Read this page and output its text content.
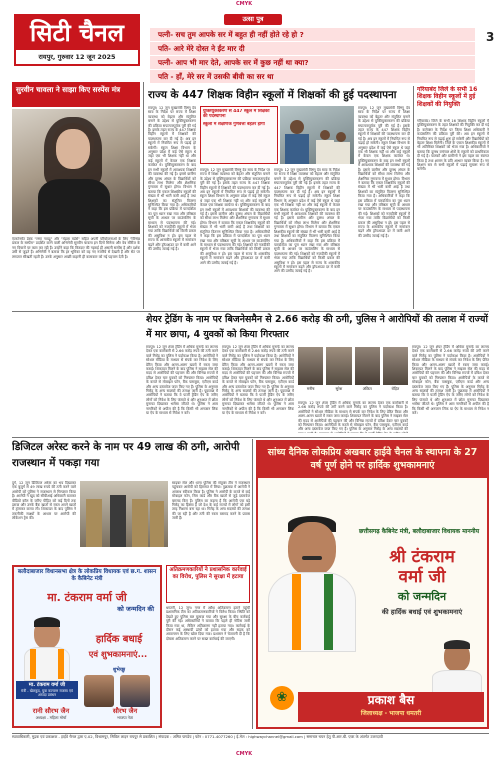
CMYK
उत्सा पुत्र
3
सिटी चैनल
रायपुर, गुरुवार 12 जून 2025
पत्नी- सच तुम आपके सर में बहुत ही नहीं होते रहे हो ?
पति- आरे मेरे दोस्त ने ईंट मार दी
पत्नी- आप भी मार देते, आपके सर में कुछ नहीं था क्या?
पति - हाँ, मेरे सर में उसकी बीवी का सर था
सुरवीन चावला ने साझा किए सस्पेंस मंत्र
एंटरटेनमेंट डेस्क "राणा नायडू" और "मंडला मर्डर्स" सहित अपनी परियोजनाओं के लिए "विभिन्न प्रकार के सस्पेंस" प्रदर्शित करने वाली अभिनेत्री सुरवीन चावला इन दिनों सिनेमा और वेब सीरीज के नए विचारों पर काम कर रही हैं। उन्होंने कहा कि किरदार की गहराई ही असली सस्पेंस है और दर्शक उसी से जुड़ते हैं। अभिनेत्री ने बताया कि हर भूमिका को वह नए नजरिये से देखती हैं और सेट पर लगातार सीखती रहती हैं। उनके अनुसार अच्छी कहानी ही कलाकार को नई पहचान देती है।
राज्य के 447 शिक्षक विहीन स्कूलों में शिक्षकों की हुई पदस्थापना
रायपुर। 12 जून मुख्यमंत्री विष्णु देव साय के निर्देश पर राज्य में शिक्षा व्यवस्था को बेहतर और संतुलित बनाने के उद्देश्य से युक्तियुक्तकरण की प्रक्रिया सफलतापूर्वक पूरी की गई है। इसके तहत राज्य के 447 शिक्षक विहीन स्कूलों में शिक्षकों की पदस्थापना कर दी गई है। अब इन स्कूलों में नियमित रूप से पढ़ाई हो सकेगी। स्कूल शिक्षा विभाग के अनुसार प्रदेश में कई ऐसे स्कूल थे जहां एक भी शिक्षक नहीं था और कई स्कूलों में केवल एक शिक्षक कार्यरत थे। युक्तियुक्तकरण के बाद इन सभी स्कूलों में आवश्यक शिक्षकों की व्यवस्था की गई है। इससे ग्रामीण और दूरस्थ अंचल के विद्यार्थियों को सीधा लाभ मिलेगा और शैक्षणिक गुणवत्ता में सुधार होगा। विभाग ने बताया कि एकल शिक्षकीय स्कूलों की संख्या में भी भारी कमी आई है तथा शिक्षकों का संतुलित वितरण सुनिश्चित किया गया है। अधिकारियों ने कहा कि इस प्रक्रिया में पारदर्शिता का पूरा ध्यान रखा गया और वरिष्ठता सूची के आधार पर काउंसलिंग के माध्यम से पदस्थापना की गई। शिक्षकों को नजदीकी स्कूलों में भेजा गया ताकि विद्यार्थियों को किसी प्रकार की असुविधा न हो। इस पहल से राज्य के शासकीय स्कूलों में नामांकन बढ़ने और ड्रॉपआउट दर में कमी आने की उम्मीद जताई गई है।
युक्तियुक्तकरण से 447 स्कूल में शिक्षकों की पदस्थापना
स्कूलों में शैक्षणिक गुणवत्ता बेहतर होगी
रायपुर। 12 जून मुख्यमंत्री विष्णु देव साय के निर्देश पर राज्य में शिक्षा व्यवस्था को बेहतर और संतुलित बनाने के उद्देश्य से युक्तियुक्तकरण की प्रक्रिया सफलतापूर्वक पूरी की गई है। इसके तहत राज्य के 447 शिक्षक विहीन स्कूलों में शिक्षकों की पदस्थापना कर दी गई है। अब इन स्कूलों में नियमित रूप से पढ़ाई हो सकेगी। स्कूल शिक्षा विभाग के अनुसार प्रदेश में कई ऐसे स्कूल थे जहां एक भी शिक्षक नहीं था और कई स्कूलों में केवल एक शिक्षक कार्यरत थे। युक्तियुक्तकरण के बाद इन सभी स्कूलों में आवश्यक शिक्षकों की व्यवस्था की गई है। इससे ग्रामीण और दूरस्थ अंचल के विद्यार्थियों को सीधा लाभ मिलेगा और शैक्षणिक गुणवत्ता में सुधार होगा। विभाग ने बताया कि एकल शिक्षकीय स्कूलों की संख्या में भी भारी कमी आई है तथा शिक्षकों का संतुलित वितरण सुनिश्चित किया गया है। अधिकारियों ने कहा कि इस प्रक्रिया में पारदर्शिता का पूरा ध्यान रखा गया और वरिष्ठता सूची के आधार पर काउंसलिंग के माध्यम से पदस्थापना की गई। शिक्षकों को नजदीकी स्कूलों में भेजा गया ताकि विद्यार्थियों को किसी प्रकार की असुविधा न हो। इस पहल से राज्य के शासकीय स्कूलों में नामांकन बढ़ने और ड्रॉपआउट दर में कमी आने की उम्मीद जताई गई है।
रायपुर। 12 जून मुख्यमंत्री विष्णु देव साय के निर्देश पर राज्य में शिक्षा व्यवस्था को बेहतर और संतुलित बनाने के उद्देश्य से युक्तियुक्तकरण की प्रक्रिया सफलतापूर्वक पूरी की गई है। इसके तहत राज्य के 447 शिक्षक विहीन स्कूलों में शिक्षकों की पदस्थापना कर दी गई है। अब इन स्कूलों में नियमित रूप से पढ़ाई हो सकेगी। स्कूल शिक्षा विभाग के अनुसार प्रदेश में कई ऐसे स्कूल थे जहां एक भी शिक्षक नहीं था और कई स्कूलों में केवल एक शिक्षक कार्यरत थे। युक्तियुक्तकरण के बाद इन सभी स्कूलों में आवश्यक शिक्षकों की व्यवस्था की गई है। इससे ग्रामीण और दूरस्थ अंचल के विद्यार्थियों को सीधा लाभ मिलेगा और शैक्षणिक गुणवत्ता में सुधार होगा। विभाग ने बताया कि एकल शिक्षकीय स्कूलों की संख्या में भी भारी कमी आई है तथा शिक्षकों का संतुलित वितरण सुनिश्चित किया गया है। अधिकारियों ने कहा कि इस प्रक्रिया में पारदर्शिता का पूरा ध्यान रखा गया और वरिष्ठता सूची के आधार पर काउंसलिंग के माध्यम से पदस्थापना की गई। शिक्षकों को नजदीकी स्कूलों में भेजा गया ताकि विद्यार्थियों को किसी प्रकार की असुविधा न हो। इस पहल से राज्य के शासकीय स्कूलों में नामांकन बढ़ने और ड्रॉपआउट दर में कमी आने की उम्मीद जताई गई है।
रायपुर। 12 जून मुख्यमंत्री विष्णु देव साय के निर्देश पर राज्य में शिक्षा व्यवस्था को बेहतर और संतुलित बनाने के उद्देश्य से युक्तियुक्तकरण की प्रक्रिया सफलतापूर्वक पूरी की गई है। इसके तहत राज्य के 447 शिक्षक विहीन स्कूलों में शिक्षकों की पदस्थापना कर दी गई है। अब इन स्कूलों में नियमित रूप से पढ़ाई हो सकेगी। स्कूल शिक्षा विभाग के अनुसार प्रदेश में कई ऐसे स्कूल थे जहां एक भी शिक्षक नहीं था और कई स्कूलों में केवल एक शिक्षक कार्यरत थे। युक्तियुक्तकरण के बाद इन सभी स्कूलों में आवश्यक शिक्षकों की व्यवस्था की गई है। इससे ग्रामीण और दूरस्थ अंचल के विद्यार्थियों को सीधा लाभ मिलेगा और शैक्षणिक गुणवत्ता में सुधार होगा। विभाग ने बताया कि एकल शिक्षकीय स्कूलों की संख्या में भी भारी कमी आई है तथा शिक्षकों का संतुलित वितरण सुनिश्चित किया गया है। अधिकारियों ने कहा कि इस प्रक्रिया में पारदर्शिता का पूरा ध्यान रखा गया और वरिष्ठता सूची के आधार पर काउंसलिंग के माध्यम से पदस्थापना की गई। शिक्षकों को नजदीकी स्कूलों में भेजा गया ताकि विद्यार्थियों को किसी प्रकार की असुविधा न हो। इस पहल से राज्य के शासकीय स्कूलों में नामांकन बढ़ने और ड्रॉपआउट दर में कमी आने की उम्मीद जताई गई है।
गरियाबंद जिले के सभी 16 शिक्षक विहीन स्कूलों में हुई शिक्षकों की नियुक्ति
गरियाबंद। जिले के सभी 16 शिक्षक विहीन स्कूलों में युक्तियुक्तकरण के तहत शिक्षकों की नियुक्ति कर दी गई है। कलेक्टर के निर्देश पर जिला शिक्षा अधिकारी ने काउंसलिंग की प्रक्रिया पूरी की। अब इन स्कूलों में नियमित रूप से पढ़ाई शुरू हो सकेगी और विद्यार्थियों को बेहतर शिक्षा मिलेगी। जिले के एकल शिक्षकीय स्कूलों में भी अतिरिक्त शिक्षकों को भेजा गया है। अधिकारियों ने बताया कि दूरस्थ वनांचल क्षेत्रों के स्कूलों को प्राथमिकता दी गई है। पालकों और ग्रामीणों ने इस पहल का स्वागत किया है तथा शासन के प्रति आभार व्यक्त किया है। नए शिक्षण सत्र से सभी स्कूलों में पढ़ाई सुचारू रूप से चलेगी।
शेयर ट्रेडिंग के नाम पर बिजनेसमैन से 2.66 करोड़ की ठगी, पुलिस ने आरोपियों की तलाश में राज्यों में मार छापा, 4 युवकों को किया गिरफ्तार
रायपुर। 12 जून शेयर ट्रेडिंग में अधिक मुनाफे का लालच देकर एक कारोबारी से 2.66 करोड़ रुपये की ठगी करने वाले गिरोह का पुलिस ने पर्दाफाश किया है। आरोपियों ने सोशल मीडिया के माध्यम से संपर्क कर निवेश के लिए प्रेरित किया और अलग-अलग खातों में रकम जमा कराई। शिकायत मिलने के बाद पुलिस ने साइबर सेल की मदद से आरोपियों की पहचान की और विभिन्न राज्यों में दबिश देकर चार युवकों को गिरफ्तार किया। आरोपियों के कब्जे से मोबाइल फोन, बैंक पासबुक, एटीएम कार्ड और अन्य दस्तावेज जब्त किए गए हैं। पुलिस के अनुसार गिरोह के अन्य सदस्यों की तलाश जारी है। पूछताछ में आरोपियों ने बताया कि वे फर्जी ट्रेडिंग ऐप के जरिए लोगों को निवेश के लिए फंसाते थे और शुरुआत में छोटा मुनाफा दिखाकर भरोसा जीतते थे। पुलिस ने आम नागरिकों से अपील की है कि किसी भी अनजान लिंक या ऐप के माध्यम से निवेश न करें।
रायपुर। 12 जून शेयर ट्रेडिंग में अधिक मुनाफे का लालच देकर एक कारोबारी से 2.66 करोड़ रुपये की ठगी करने वाले गिरोह का पुलिस ने पर्दाफाश किया है। आरोपियों ने सोशल मीडिया के माध्यम से संपर्क कर निवेश के लिए प्रेरित किया और अलग-अलग खातों में रकम जमा कराई। शिकायत मिलने के बाद पुलिस ने साइबर सेल की मदद से आरोपियों की पहचान की और विभिन्न राज्यों में दबिश देकर चार युवकों को गिरफ्तार किया। आरोपियों के कब्जे से मोबाइल फोन, बैंक पासबुक, एटीएम कार्ड और अन्य दस्तावेज जब्त किए गए हैं। पुलिस के अनुसार गिरोह के अन्य सदस्यों की तलाश जारी है। पूछताछ में आरोपियों ने बताया कि वे फर्जी ट्रेडिंग ऐप के जरिए लोगों को निवेश के लिए फंसाते थे और शुरुआत में छोटा मुनाफा दिखाकर भरोसा जीतते थे। पुलिस ने आम नागरिकों से अपील की है कि किसी भी अनजान लिंक या ऐप के माध्यम से निवेश न करें।
मनीष	सुरेश	अंकित	रोहित
रायपुर। 12 जून शेयर ट्रेडिंग में अधिक मुनाफे का लालच देकर एक कारोबारी से 2.66 करोड़ रुपये की ठगी करने वाले गिरोह का पुलिस ने पर्दाफाश किया है। आरोपियों ने सोशल मीडिया के माध्यम से संपर्क कर निवेश के लिए प्रेरित किया और अलग-अलग खातों में रकम जमा कराई। शिकायत मिलने के बाद पुलिस ने साइबर सेल की मदद से आरोपियों की पहचान की और विभिन्न राज्यों में दबिश देकर चार युवकों को गिरफ्तार किया। आरोपियों के कब्जे से मोबाइल फोन, बैंक पासबुक, एटीएम कार्ड और अन्य दस्तावेज जब्त किए गए हैं। पुलिस के अनुसार गिरोह के अन्य सदस्यों की
रायपुर। 12 जून शेयर ट्रेडिंग में अधिक मुनाफे का लालच देकर एक कारोबारी से 2.66 करोड़ रुपये की ठगी करने वाले गिरोह का पुलिस ने पर्दाफाश किया है। आरोपियों ने सोशल मीडिया के माध्यम से संपर्क कर निवेश के लिए प्रेरित किया और अलग-अलग खातों में रकम जमा कराई। शिकायत मिलने के बाद पुलिस ने साइबर सेल की मदद से आरोपियों की पहचान की और विभिन्न राज्यों में दबिश देकर चार युवकों को गिरफ्तार किया। आरोपियों के कब्जे से मोबाइल फोन, बैंक पासबुक, एटीएम कार्ड और अन्य दस्तावेज जब्त किए गए हैं। पुलिस के अनुसार गिरोह के अन्य सदस्यों की तलाश जारी है। पूछताछ में आरोपियों ने बताया कि वे फर्जी ट्रेडिंग ऐप के जरिए लोगों को निवेश के लिए फंसाते थे और शुरुआत में छोटा मुनाफा दिखाकर भरोसा जीतते थे। पुलिस ने आम नागरिकों से अपील की है कि किसी भी अनजान लिंक या ऐप के माध्यम से निवेश न करें।
डिजिटल अरेस्ट करने के नाम पर 49 लाख की ठगी, आरोपी राजस्थान में पकड़ा गया
दुर्ग, 12 जून डिजिटल अरेस्ट का भय दिखाकर एक बुजुर्ग से 49 लाख रुपये की ठगी करने वाले आरोपी को पुलिस ने राजस्थान से गिरफ्तार किया है। आरोपी ने खुद को सीबीआई अधिकारी बताकर वीडियो कॉल के जरिए पीड़ित को कई दिनों तक डराया और उनके बैंक खातों से रकम अपने खातों में ट्रांसफर करवा ली। शिकायत के बाद पुलिस ने तकनीकी साक्ष्यों के आधार पर आरोपी की लोकेशन ट्रेस की।
साइबर सेल और थाना पुलिस की संयुक्त टीम ने राजस्थान पहुंचकर आरोपी को हिरासत में लिया। पूछताछ में आरोपी ने अपराध स्वीकार किया है। पुलिस ने आरोपी के कब्जे से कई मोबाइल फोन, सिम कार्ड और बैंक खातों से जुड़े दस्तावेज बरामद किए हैं। पुलिस का कहना है कि आरोपी एक बड़े गिरोह का हिस्सा है जो देश के कई राज्यों में लोगों को इसी तरह निशाना बना रहा था। गिरोह के अन्य सदस्यों की तलाश की जा रही है और ठगी की रकम बरामद करने के प्रयास जारी हैं।
बलौदाबाजार विधानसभा क्षेत्र के लोकप्रिय विधायक एवं छ.ग. शासन के कैबिनेट मंत्री
मा. टंकराम वर्मा जी
को जन्मदिन की
हार्दिक बधाई
एवं शुभकामनाएं...
मा. टंकराम वर्मा जी
मंत्री - खेलकूद, युवा कल्याण राजस्व एवं आपदा प्रबंधन
शुभेच्छु
रानी सौरभ जैन
अध्यक्षा - महिला मोर्चा
सौरभ जैन
भाजपा नेता
अतिक्रमणकारियों ने प्रशासनिक कार्रवाई का विरोध, पुलिस ने सुरक्षा में हटाया
धमतरी, 12 जून। नगर में अवैध अतिक्रमण हटाने पहुंची प्रशासनिक टीम का अतिक्रमणकारियों ने विरोध किया। स्थिति को देखते हुए पुलिस बल बुलाया गया और सुरक्षा के बीच कार्रवाई पूरी की गई। अधिकारियों ने बताया कि पहले ही नोटिस जारी किया गया था, लेकिन अतिक्रमण नहीं हटाया गया। कार्रवाई के दौरान कई अस्थायी ढांचों को हटाया गया और सड़क को आवागमन के लिए खोल दिया गया। प्रशासन ने चेतावनी दी है कि दोबारा अतिक्रमण करने पर सख्त कार्रवाई की जाएगी।
सांध्य दैनिक लोकप्रिय अखबार हाईवे चैनल के स्थापना के 27 वर्ष पूर्ण होने पर हार्दिक शुभकामनाएं
छत्तीसगढ़ कैबिनेट मंत्री, बलौदाबाजार विधायक माननीय
श्री टंकराम
वर्मा जी
को जन्मदिन
की हार्दिक बधाई एवं शुभकामनाएं
❀	प्रकाश बैस
जिलाध्यक्ष - भाजपा धमतरी
स्वत्वाधिकारी, मुद्रक एवं प्रकाशक - हाईवे चैनल द्वारा ए-02, विश्रामपुर, सिविल लाइन रायपुर से प्रकाशित | संपादक : अमित पाण्डेय | फोन : 0771-4077260 | ई-मेल : highwaychannel@gmail.com | समाचार चयन हेतु पी.आर.बी. एक्ट के अंतर्गत उत्तरदायी
CMYK
